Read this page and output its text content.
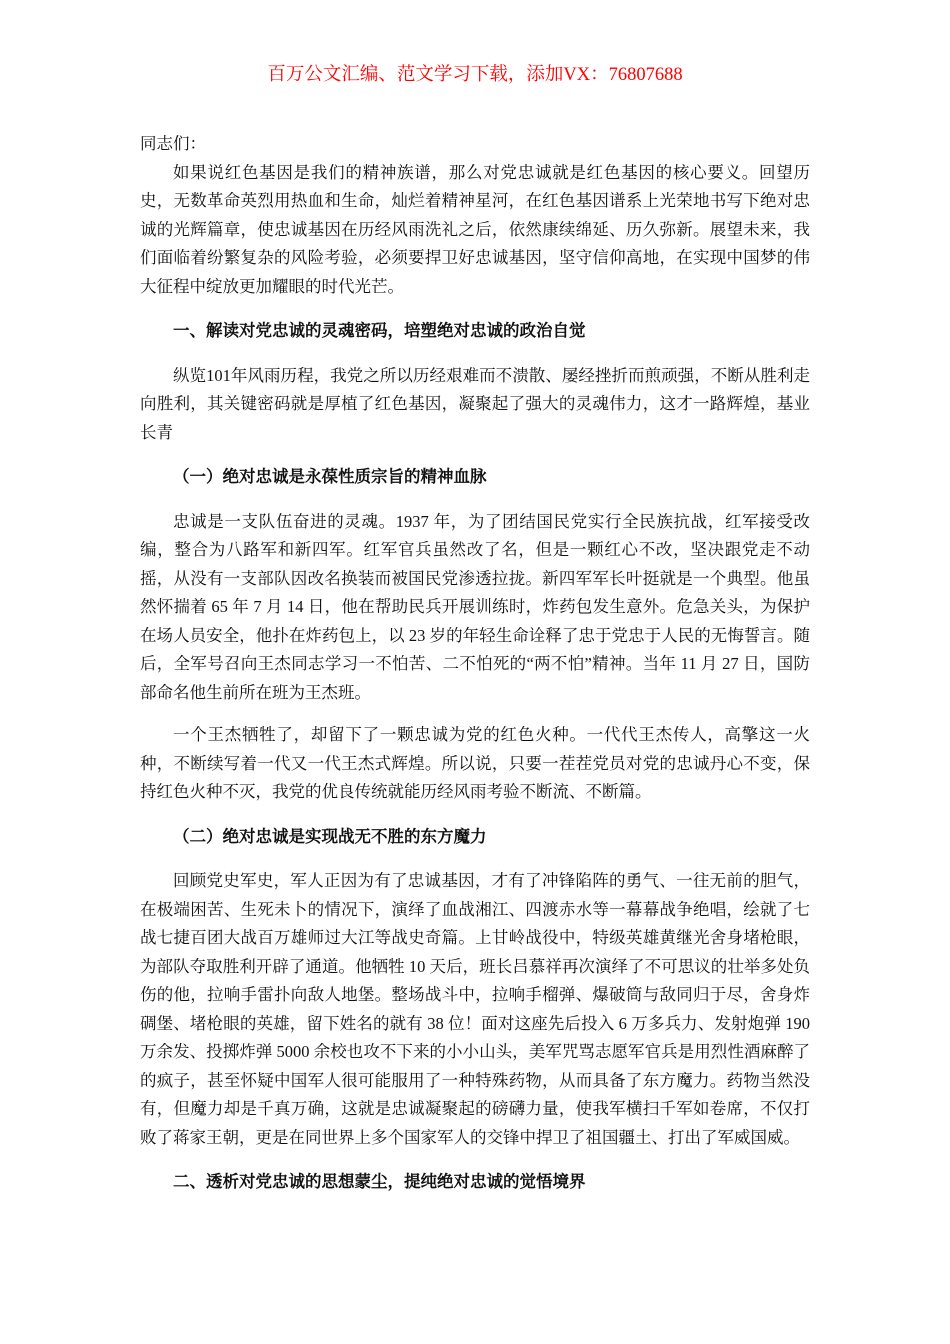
百万公文汇编、范文学习下载，添加VX：76807688

同志们：

如果说红色基因是我们的精神族谱，那么对党忠诚就是红色基因的核心要义。回望历史，无数革命英烈用热血和生命，灿烂着精神星河，在红色基因谱系上光荣地书写下绝对忠诚的光辉篇章，使忠诚基因在历经风雨洗礼之后，依然康续绵延、历久弥新。展望未来，我们面临着纷繁复杂的风险考验，必须要捍卫好忠诚基因，坚守信仰高地，在实现中国梦的伟大征程中绽放更加耀眼的时代光芒。

一、解读对党忠诚的灵魂密码，培塑绝对忠诚的政治自觉

纵览101年风雨历程，我党之所以历经艰难而不溃散、屡经挫折而煎顽强，不断从胜利走向胜利，其关键密码就是厚植了红色基因，凝聚起了强大的灵魂伟力，这才一路辉煌，基业长青

（一）绝对忠诚是永葆性质宗旨的精神血脉

忠诚是一支队伍奋进的灵魂。1937 年，为了团结国民党实行全民族抗战，红军接受改编，整合为八路军和新四军。红军官兵虽然改了名，但是一颗红心不改，坚决跟党走不动摇，从没有一支部队因改名换装而被国民党渗透拉拢。新四军军长叶挺就是一个典型。他虽然怀揣着 65 年 7 月 14 日，他在帮助民兵开展训练时，炸药包发生意外。危急关头，为保护在场人员安全，他扑在炸药包上，以 23 岁的年轻生命诠释了忠于党忠于人民的无悔誓言。随后，全军号召向王杰同志学习一不怕苦、二不怕死的“两不怕”精神。当年 11 月 27 日，国防部命名他生前所在班为王杰班。

一个王杰牺牲了，却留下了一颗忠诚为党的红色火种。一代代王杰传人，高擎这一火种，不断续写着一代又一代王杰式辉煌。所以说，只要一茬茬党员对党的忠诚丹心不变，保持红色火种不灭，我党的优良传统就能历经风雨考验不断流、不断篇。

（二）绝对忠诚是实现战无不胜的东方魔力

回顾党史军史，军人正因为有了忠诚基因，才有了冲锋陷阵的勇气、一往无前的胆气，在极端困苦、生死未卜的情况下，演绎了血战湘江、四渡赤水等一幕幕战争绝唱，绘就了七战七捷百团大战百万雄师过大江等战史奇篇。上甘岭战役中，特级英雄黄继光舍身堵枪眼，为部队夺取胜利开辟了通道。他牺牲 10 天后，班长吕慕祥再次演绎了不可思议的壮举多处负伤的他，拉响手雷扑向敌人地堡。整场战斗中，拉响手榴弹、爆破筒与敌同归于尽，舍身炸碉堡、堵枪眼的英雄，留下姓名的就有 38 位！面对这座先后投入 6 万多兵力、发射炮弹 190 万余发、投掷炸弹 5000 余校也攻不下来的小小山头，美军咒骂志愿军官兵是用烈性酒麻醉了的疯子，甚至怀疑中国军人很可能服用了一种特殊药物，从而具备了东方魔力。药物当然没有，但魔力却是千真万确，这就是忠诚凝聚起的磅礴力量，使我军横扫千军如卷席，不仅打败了蒋家王朝，更是在同世界上多个国家军人的交锋中捍卫了祖国疆土、打出了军威国威。

二、透析对党忠诚的思想蒙尘，提纯绝对忠诚的觉悟境界
